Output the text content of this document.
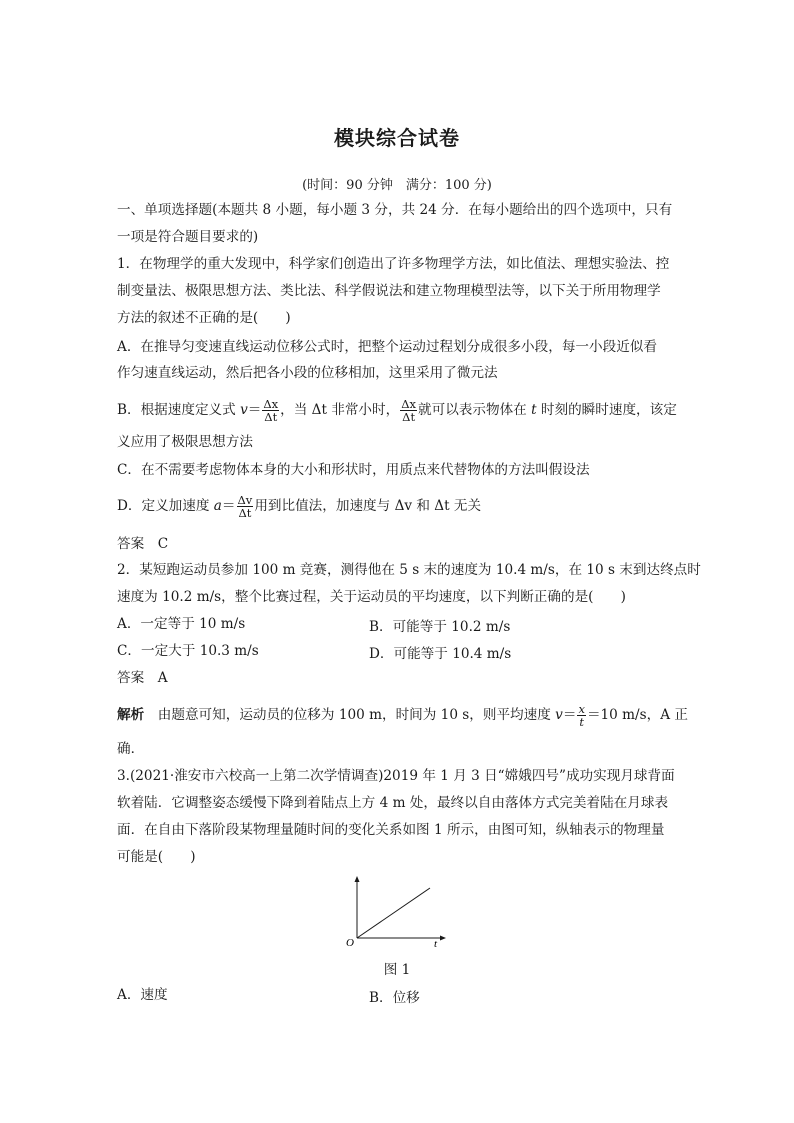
模块综合试卷
(时间：90 分钟　满分：100 分)
一、单项选择题(本题共 8 小题，每小题 3 分，共 24 分．在每小题给出的四个选项中，只有
一项是符合题目要求的)
1．在物理学的重大发现中，科学家们创造出了许多物理学方法，如比值法、理想实验法、控
制变量法、极限思想方法、类比法、科学假说法和建立物理模型法等，以下关于所用物理学
方法的叙述不正确的是(　　)
A．在推导匀变速直线运动位移公式时，把整个运动过程划分成很多小段，每一小段近似看
作匀速直线运动，然后把各小段的位移相加，这里采用了微元法
B．根据速度定义式 $v= \frac{\Delta x}{\Delta t}$ ，当 Δt 非常小时， $\frac{\Delta x}{\Delta t}$ 就可以表示物体在 t 时刻的瞬时速度，该定
义应用了极限思想方法
C．在不需要考虑物体本身的大小和形状时，用质点来代替物体的方法叫假设法
D．定义加速度 $a= \frac{\Delta v}{\Delta t}$ 用到比值法，加速度与 Δv 和 Δt 无关
答案　C
2．某短跑运动员参加 100 m 竞赛，测得他在 5 s 末的速度为 10.4 m/s，在 10 s 末到达终点时
速度为 10.2 m/s，整个比赛过程，关于运动员的平均速度，以下判断正确的是(　　)
A．一定等于 10 m/s	B．可能等于 10.2 m/s
C．一定大于 10.3 m/s	D．可能等于 10.4 m/s
答案　A
解析　由题意可知，运动员的位移为 100 m，时间为 10 s，则平均速度 $v= \frac{x}{t} =10$ m/s，A 正
确．
3.(2021·淮安市六校高一上第二次学情调查)2019 年 1 月 3 日“嫦娥四号”成功实现月球背面
软着陆．它调整姿态缓慢下降到着陆点上方 4 m 处，最终以自由落体方式完美着陆在月球表
面．在自由下落阶段某物理量随时间的变化关系如图 1 所示，由图可知，纵轴表示的物理量
可能是(　　)
O	t
图 1
A．速度	B．位移
